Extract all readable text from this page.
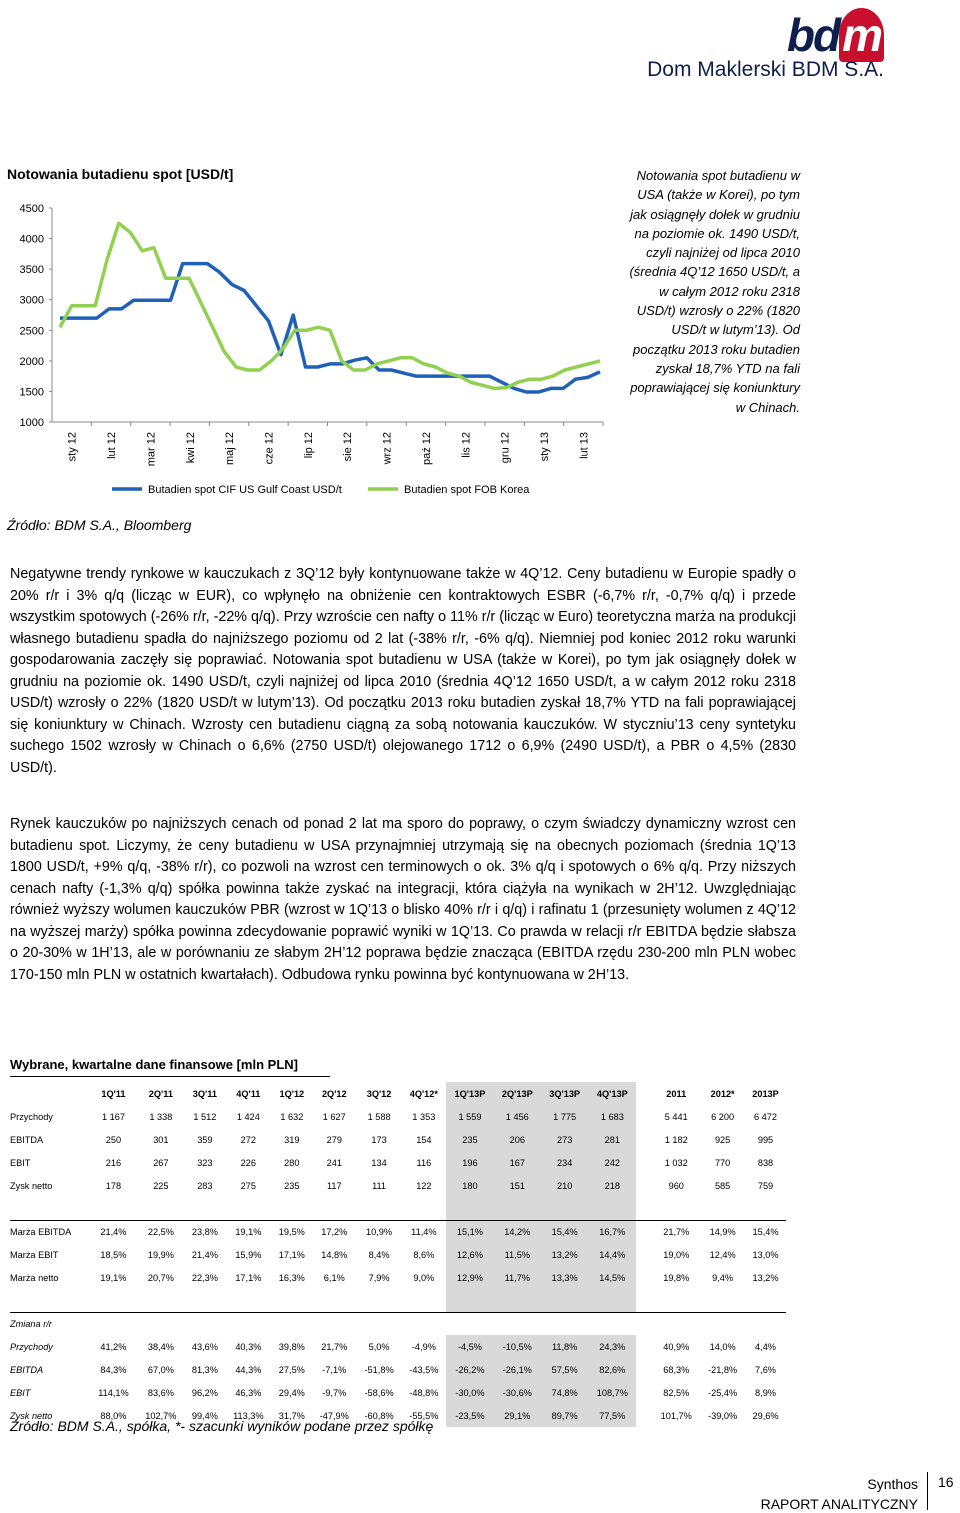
bdm
Dom Maklerski BDM S.A.
Notowania butadienu spot [USD/t]
1000
1500
2000
2500
3000
3500
4000
4500
sty 12 lut 12 mar 12 kwi 12 maj 12 cze 12 lip 12 sie 12 wrz 12 paź 12 lis 12 gru 12 sty 13 lut 13
Butadien spot CIF US Gulf Coast USD/t	Butadien spot FOB Korea
Notowania spot butadienu w USA (także w Korei), po tym jak osiągnęły dołek w grudniu na poziomie ok. 1490 USD/t, czyli najniżej od lipca 2010 (średnia 4Q’12 1650 USD/t, a w całym 2012 roku 2318 USD/t) wzrosły o 22% (1820 USD/t w lutym’13). Od początku 2013 roku butadien zyskał 18,7% YTD na fali poprawiającej się koniunktury w Chinach.
Źródło: BDM S.A., Bloomberg

Negatywne trendy rynkowe w kauczukach z 3Q’12 były kontynuowane także w 4Q’12. Ceny butadienu w Europie spadły o 20% r/r i 3% q/q (licząc w EUR), co wpłynęło na obniżenie cen kontraktowych ESBR (-6,7% r/r, -0,7% q/q) i przede wszystkim spotowych (-26% r/r, -22% q/q). Przy wzroście cen nafty o 11% r/r (licząc w Euro) teoretyczna marża na produkcji własnego butadienu spadła do najniższego poziomu od 2 lat (-38% r/r, -6% q/q). Niemniej pod koniec 2012 roku warunki gospodarowania zaczęły się poprawiać. Notowania spot butadienu w USA (także w Korei), po tym jak osiągnęły dołek w grudniu na poziomie ok. 1490 USD/t, czyli najniżej od lipca 2010 (średnia 4Q’12 1650 USD/t, a w całym 2012 roku 2318 USD/t) wzrosły o 22% (1820 USD/t w lutym’13). Od początku 2013 roku butadien zyskał 18,7% YTD na fali poprawiającej się koniunktury w Chinach. Wzrosty cen butadienu ciągną za sobą notowania kauczuków. W styczniu’13 ceny syntetyku suchego 1502 wzrosły w Chinach o 6,6% (2750 USD/t) olejowanego 1712 o 6,9% (2490 USD/t), a PBR o 4,5% (2830 USD/t).

Rynek kauczuków po najniższych cenach od ponad 2 lat ma sporo do poprawy, o czym świadczy dynamiczny wzrost cen butadienu spot. Liczymy, że ceny butadienu w USA przynajmniej utrzymają się na obecnych poziomach (średnia 1Q’13 1800 USD/t, +9% q/q, -38% r/r), co pozwoli na wzrost cen terminowych o ok. 3% q/q i spotowych o 6% q/q. Przy niższych cenach nafty (-1,3% q/q) spółka powinna także zyskać na integracji, która ciążyła na wynikach w 2H’12. Uwzględniając również wyższy wolumen kauczuków PBR (wzrost w 1Q’13 o blisko 40% r/r i q/q) i rafinatu 1 (przesunięty wolumen z 4Q’12 na wyższej marży) spółka powinna zdecydowanie poprawić wyniki w 1Q’13. Co prawda w relacji r/r EBITDA będzie słabsza o 20-30% w 1H’13, ale w porównaniu ze słabym 2H’12 poprawa będzie znacząca (EBITDA rzędu 230-200 mln PLN wobec 170-150 mln PLN w ostatnich kwartałach). Odbudowa rynku powinna być kontynuowana w 2H’13.

Wybrane, kwartalne dane finansowe [mln PLN]
	1Q'11	2Q'11	3Q'11	4Q'11	1Q'12	2Q'12	3Q'12	4Q'12*	1Q'13P	2Q'13P	3Q'13P	4Q'13P		2011	2012*	2013P
Przychody	1 167	1 338	1 512	1 424	1 632	1 627	1 588	1 353	1 559	1 456	1 775	1 683		5 441	6 200	6 472
EBITDA	250	301	359	272	319	279	173	154	235	206	273	281		1 182	925	995
EBIT	216	267	323	226	280	241	134	116	196	167	234	242		1 032	770	838
Zysk netto	178	225	283	275	235	117	111	122	180	151	210	218		960	585	759

Marża EBITDA	21,4%	22,5%	23,8%	19,1%	19,5%	17,2%	10,9%	11,4%	15,1%	14,2%	15,4%	16,7%		21,7%	14,9%	15,4%
Marża EBIT	18,5%	19,9%	21,4%	15,9%	17,1%	14,8%	8,4%	8,6%	12,6%	11,5%	13,2%	14,4%		19,0%	12,4%	13,0%
Marża netto	19,1%	20,7%	22,3%	17,1%	16,3%	6,1%	7,9%	9,0%	12,9%	11,7%	13,3%	14,5%		19,8%	9,4%	13,2%

Zmiana r/r																
Przychody	41,2%	38,4%	43,6%	40,3%	39,8%	21,7%	5,0%	-4,9%	-4,5%	-10,5%	11,8%	24,3%		40,9%	14,0%	4,4%
EBITDA	84,3%	67,0%	81,3%	44,3%	27,5%	-7,1%	-51,8%	-43,5%	-26,2%	-26,1%	57,5%	82,6%		68,3%	-21,8%	7,6%
EBIT	114,1%	83,6%	96,2%	46,3%	29,4%	-9,7%	-58,6%	-48,8%	-30,0%	-30,6%	74,8%	108,7%		82,5%	-25,4%	8,9%
Zysk netto	88,0%	102,7%	99,4%	113,3%	31,7%	-47,9%	-60,8%	-55,5%	-23,5%	29,1%	89,7%	77,5%		101,7%	-39,0%	29,6%
Źródło: BDM S.A., spółka, *- szacunki wyników podane przez spółkę
Synthos
RAPORT ANALITYCZNY
16
